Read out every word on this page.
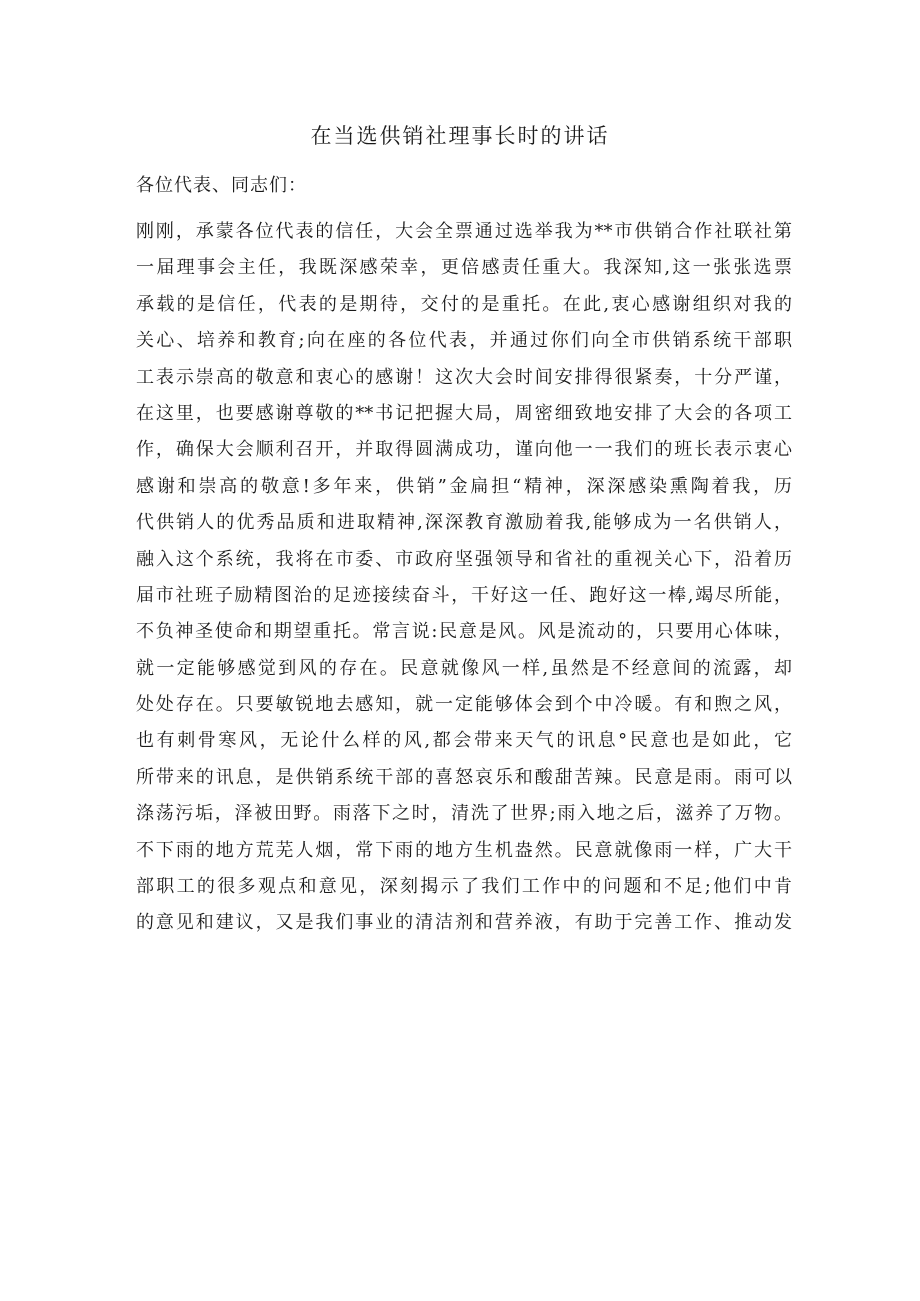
在当选供销社理事长时的讲话
各位代表、同志们：
刚刚，承蒙各位代表的信任，大会全票通过选举我为**市供销合作社联社第
一届理事会主任，我既深感荣幸，更倍感责任重大。我深知,这一张张选票
承载的是信任，代表的是期待，交付的是重托。在此,衷心感谢组织对我的
关心、培养和教育;向在座的各位代表，并通过你们向全市供销系统干部职
工表示崇高的敬意和衷心的感谢！这次大会时间安排得很紧奏，十分严谨，
在这里，也要感谢尊敬的**书记把握大局，周密细致地安排了大会的各项工
作，确保大会顺利召开，并取得圆满成功，谨向他一一我们的班长表示衷心
感谢和崇高的敬意!多年来，供销”金扁担“精神，深深感染熏陶着我，历
代供销人的优秀品质和进取精神,深深教育激励着我,能够成为一名供销人，
融入这个系统，我将在市委、市政府坚强领导和省社的重视关心下，沿着历
届市社班子励精图治的足迹接续奋斗，干好这一任、跑好这一棒,竭尽所能，
不负神圣使命和期望重托。常言说:民意是风。风是流动的，只要用心体味，
就一定能够感觉到风的存在。民意就像风一样,虽然是不经意间的流露，却
处处存在。只要敏锐地去感知，就一定能够体会到个中冷暖。有和煦之风，
也有刺骨寒风，无论什么样的风,都会带来天气的讯息°民意也是如此，它
所带来的讯息，是供销系统干部的喜怒哀乐和酸甜苦辣。民意是雨。雨可以
涤荡污垢，泽被田野。雨落下之时，清洗了世界;雨入地之后，滋养了万物。
不下雨的地方荒芜人烟，常下雨的地方生机盎然。民意就像雨一样，广大干
部职工的很多观点和意见，深刻揭示了我们工作中的问题和不足;他们中肯
的意见和建议，又是我们事业的清洁剂和营养液，有助于完善工作、推动发
